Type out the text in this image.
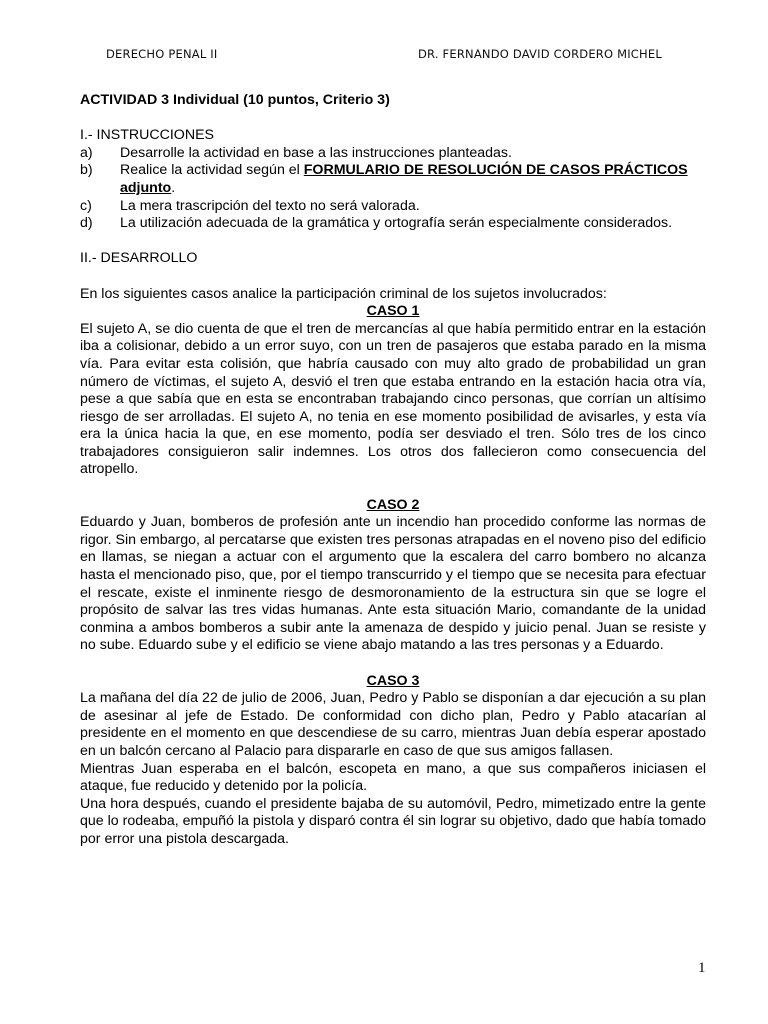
DERECHO PENAL II	DR. FERNANDO DAVID CORDERO MICHEL

ACTIVIDAD 3 Individual (10 puntos, Criterio 3)

I.- INSTRUCCIONES

a)	Desarrolle la actividad en base a las instrucciones planteadas.
b)	Realice la actividad según el FORMULARIO DE RESOLUCIÓN DE CASOS PRÁCTICOS adjunto.
c)	La mera trascripción del texto no será valorada.
d)	La utilización adecuada de la gramática y ortografía serán especialmente considerados.

II.- DESARROLLO

En los siguientes casos analice la participación criminal de los sujetos involucrados:

CASO 1

El sujeto A, se dio cuenta de que el tren de mercancías al que había permitido entrar en la estación iba a colisionar, debido a un error suyo, con un tren de pasajeros que estaba parado en la misma vía. Para evitar esta colisión, que habría causado con muy alto grado de probabilidad un gran número de víctimas, el sujeto A, desvió el tren que estaba entrando en la estación hacia otra vía, pese a que sabía que en esta se encontraban trabajando cinco personas, que corrían un altísimo riesgo de ser arrolladas. El sujeto A, no tenia en ese momento posibilidad de avisarles, y esta vía era la única hacia la que, en ese momento, podía ser desviado el tren. Sólo tres de los cinco trabajadores consiguieron salir indemnes. Los otros dos fallecieron como consecuencia del atropello.

CASO 2

Eduardo y Juan, bomberos de profesión ante un incendio han procedido conforme las normas de rigor. Sin embargo, al percatarse que existen tres personas atrapadas en el noveno piso del edificio en llamas, se niegan a actuar con el argumento que la escalera del carro bombero no alcanza hasta el mencionado piso, que, por el tiempo transcurrido y el tiempo que se necesita para efectuar el rescate, existe el inminente riesgo de desmoronamiento de la estructura sin que se logre el propósito de salvar las tres vidas humanas. Ante esta situación Mario, comandante de la unidad conmina a ambos bomberos a subir ante la amenaza de despido y juicio penal. Juan se resiste y no sube. Eduardo sube y el edificio se viene abajo matando a las tres personas y a Eduardo.

CASO 3

La mañana del día 22 de julio de 2006, Juan, Pedro y Pablo se disponían a dar ejecución a su plan de asesinar al jefe de Estado. De conformidad con dicho plan, Pedro y Pablo atacarían al presidente en el momento en que descendiese de su carro, mientras Juan debía esperar apostado en un balcón cercano al Palacio para dispararle en caso de que sus amigos fallasen.

Mientras Juan esperaba en el balcón, escopeta en mano, a que sus compañeros iniciasen el ataque, fue reducido y detenido por la policía.

Una hora después, cuando el presidente bajaba de su automóvil, Pedro, mimetizado entre la gente que lo rodeaba, empuñó la pistola y disparó contra él sin lograr su objetivo, dado que había tomado por error una pistola descargada.

1
